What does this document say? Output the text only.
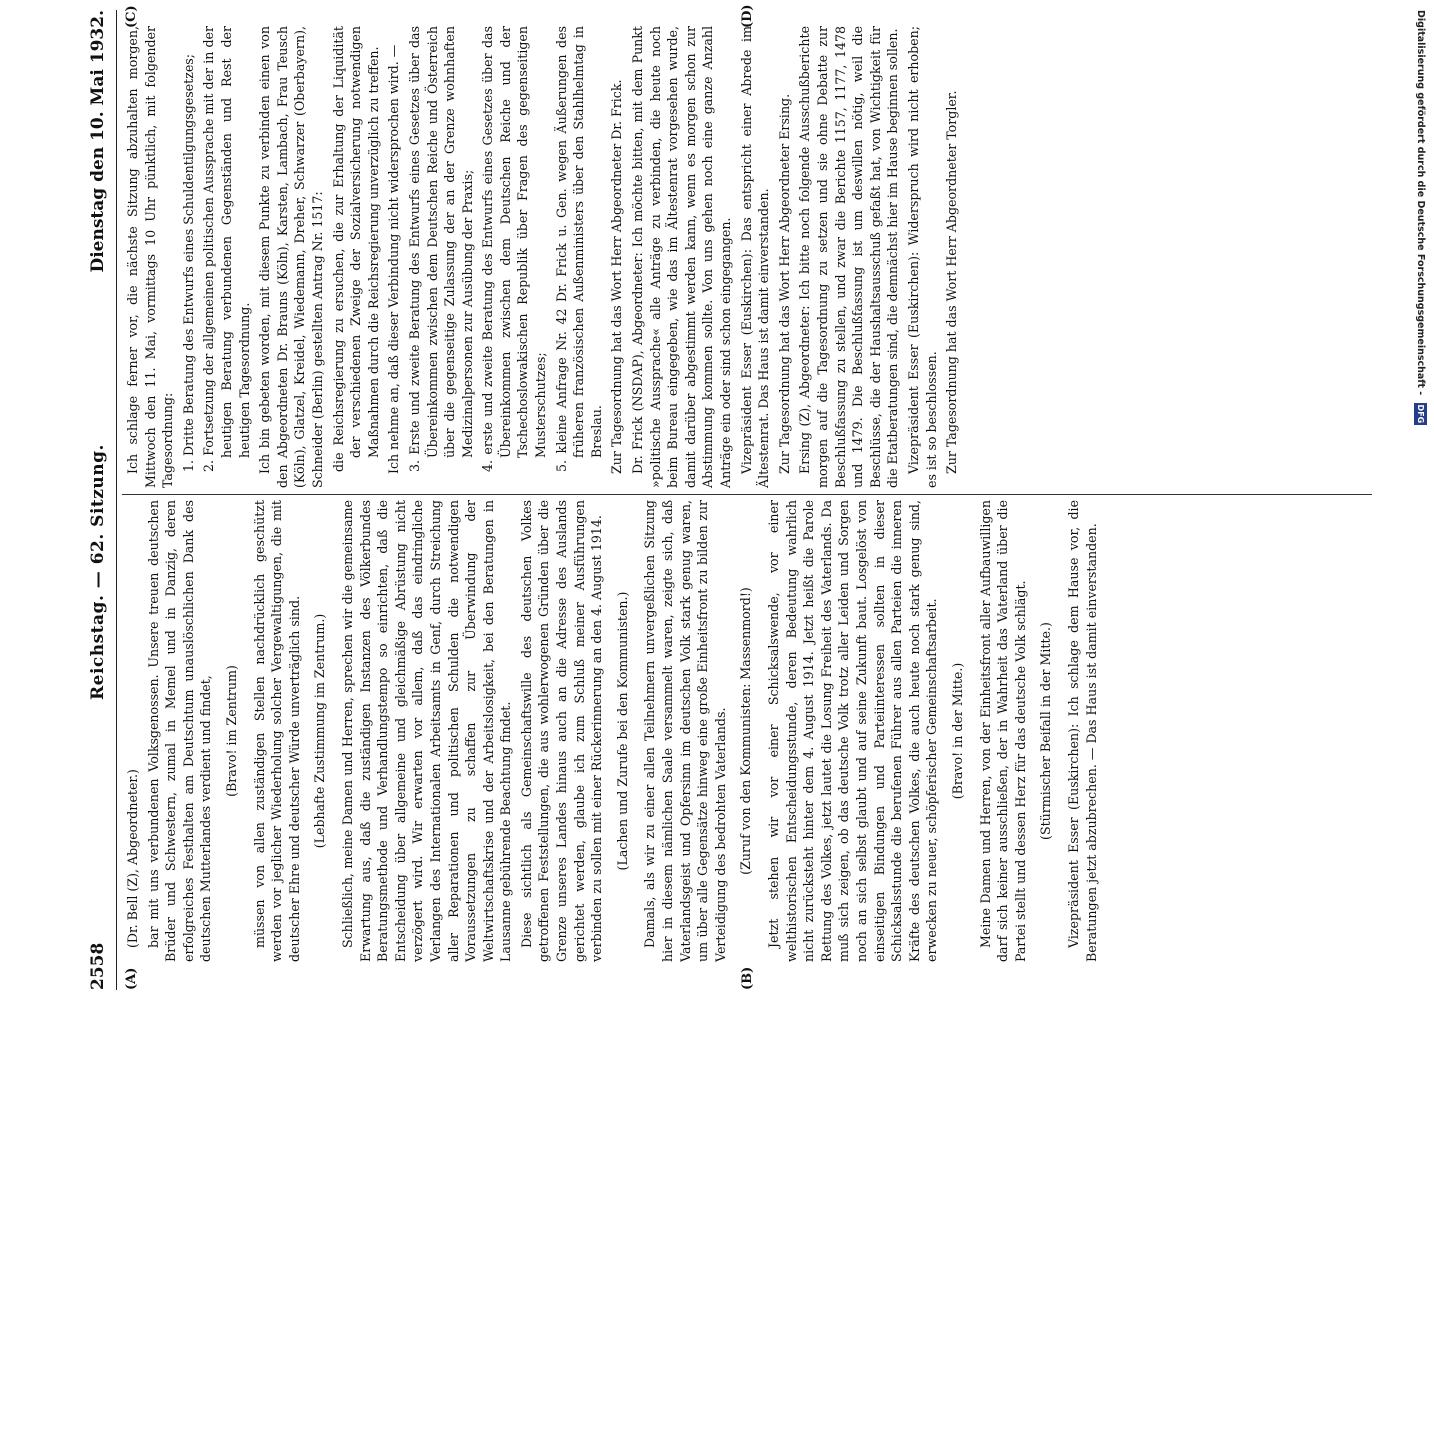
2558
Reichstag. — 62. Sitzung.
Dienstag den 10. Mai 1932.
(A)	(B)
(C)	(D)

(Dr. Bell (Z), Abgeordneter.) bar mit uns verbundenen Volksgenossen. Unsere treuen deutschen Brüder und Schwestern, zumal in Memel und in Danzig, deren erfolgreiches Festhalten am Deutschtum unauslöschlichen Dank des deutschen Mutterlandes verdient und findet, (Bravo! im Zentrum) müssen von allen zuständigen Stellen nachdrücklich geschützt werden vor jeglicher Wiederholung solcher Vergewaltigungen, die mit deutscher Ehre und deutscher Würde unverträglich sind. (Lebhafte Zustimmung im Zentrum.) Schließlich, meine Damen und Herren, sprechen wir die gemeinsame Erwartung aus, daß die zuständigen Instanzen des Völkerbundes Beratungsmethode und Verhandlungstempo so einrichten, daß die Entscheidung über allgemeine und gleichmäßige Abrüstung nicht verzögert wird. Wir erwarten vor allem, daß das eindringliche Verlangen des Internationalen Arbeitsamts in Genf, durch Streichung aller Reparationen und politischen Schulden die notwendigen Voraussetzungen zu schaffen zur Überwindung der Weltwirtschaftskrise und der Arbeitslosigkeit, bei den Beratungen in Lausanne gebührende Beachtung findet. Diese sichtlich als Gemeinschaftswille des deutschen Volkes getroffenen Feststellungen, die aus wohlerwogenen Gründen über die Grenze unseres Landes hinaus auch an die Adresse des Auslands gerichtet werden, glaube ich zum Schluß meiner Ausführungen verbinden zu sollen mit einer Rückerinnerung an den 4. August 1914. (Lachen und Zurufe bei den Kommunisten.) Damals, als wir zu einer allen Teilnehmern unvergeßlichen Sitzung hier in diesem nämlichen Saale versammelt waren, zeigte sich, daß Vaterlandsgeist und Opfersinn im deutschen Volk stark genug waren, um über alle Gegensätze hinweg eine große Einheitsfront zu bilden zur Verteidigung des bedrohten Vaterlands. (Zuruf von den Kommunisten: Massenmord!) Jetzt stehen wir vor einer Schicksalswende, vor einer welthistorischen Entscheidungsstunde, deren Bedeutung wahrlich nicht zurücksteht hinter dem 4. August 1914. Jetzt heißt die Parole Rettung des Volkes, jetzt lautet die Losung Freiheit des Vaterlands. Da muß sich zeigen, ob das deutsche Volk trotz aller Leiden und Sorgen noch an sich selbst glaubt und auf seine Zukunft baut. Losgelöst von einseitigen Bindungen und Parteiinteressen sollten in dieser Schicksalsstunde die berufenen Führer aus allen Parteien die inneren Kräfte des deutschen Volkes, die auch heute noch stark genug sind, erwecken zu neuer, schöpferischer Gemeinschaftsarbeit. (Bravo! in der Mitte.) Meine Damen und Herren, von der Einheitsfront aller Aufbauwilligen darf sich keiner ausschließen, der in Wahrheit das Vaterland über die Partei stellt und dessen Herz für das deutsche Volk schlägt. (Stürmischer Beifall in der Mitte.) Vizepräsident Esser (Euskirchen): Ich schlage dem Hause vor, die Beratungen jetzt abzubrechen. — Das Haus ist damit einverstanden.

Ich schlage ferner vor, die nächste Sitzung abzuhalten morgen, Mittwoch den 11. Mai, vormittags 10 Uhr pünktlich, mit folgender Tagesordnung: 1. Dritte Beratung des Entwurfs eines Schuldentilgungsgesetzes; 2. Fortsetzung der allgemeinen politischen Aussprache mit der in der heutigen Beratung verbundenen Gegenständen und Rest der heutigen Tagesordnung. Ich bin gebeten worden, mit diesem Punkte zu verbinden einen von den Abgeordneten Dr. Brauns (Köln), Karsten, Lambach, Frau Teusch (Köln), Glatzel, Kreidel, Wiedemann, Dreher, Schwarzer (Oberbayern), Schneider (Berlin) gestellten Antrag Nr. 1517: die Reichsregierung zu ersuchen, die zur Erhaltung der Liquidität der verschiedenen Zweige der Sozialversicherung notwendigen Maßnahmen durch die Reichsregierung unverzüglich zu treffen. Ich nehme an, daß dieser Verbindung nicht widersprochen wird. — 3. Erste und zweite Beratung des Entwurfs eines Gesetzes über das Übereinkommen zwischen dem Deutschen Reiche und Österreich über die gegenseitige Zulassung der an der Grenze wohnhaften Medizinalpersonen zur Ausübung der Praxis; 4. erste und zweite Beratung des Entwurfs eines Gesetzes über das Übereinkommen zwischen dem Deutschen Reiche und der Tschechoslowakischen Republik über Fragen des gegenseitigen Musterschutzes; 5. kleine Anfrage Nr. 42 Dr. Frick u. Gen. wegen Äußerungen des früheren französischen Außenministers über den Stahlhelmtag in Breslau. Zur Tagesordnung hat das Wort Herr Abgeordneter Dr. Frick. Dr. Frick (NSDAP), Abgeordneter: Ich möchte bitten, mit dem Punkt »politische Aussprache« alle Anträge zu verbinden, die heute noch beim Bureau eingegeben, wie das im Ältestenrat vorgesehen wurde, damit darüber abgestimmt werden kann, wenn es morgen schon zur Abstimmung kommen sollte. Von uns gehen noch eine ganze Anzahl Anträge ein oder sind schon eingegangen. Vizepräsident Esser (Euskirchen): Das entspricht einer Abrede im Ältestenrat. Das Haus ist damit einverstanden. Zur Tagesordnung hat das Wort Herr Abgeordneter Ersing. Ersing (Z), Abgeordneter: Ich bitte noch folgende Ausschußberichte morgen auf die Tagesordnung zu setzen und sie ohne Debatte zur Beschlußfassung zu stellen, und zwar die Berichte 1157, 1177, 1478 und 1479. Die Beschlußfassung ist um deswillen nötig, weil die Beschlüsse, die der Haushaltsausschuß gefaßt hat, von Wichtigkeit für die Etatberatungen sind, die demnächst hier im Hause beginnen sollen. Vizepräsident Esser (Euskirchen): Widerspruch wird nicht erhoben; es ist so beschlossen. Zur Tagesordnung hat das Wort Herr Abgeordneter Torgler.	Digitalisierung gefördert durch die Deutsche Forschungsgemeinschaft - DFG
